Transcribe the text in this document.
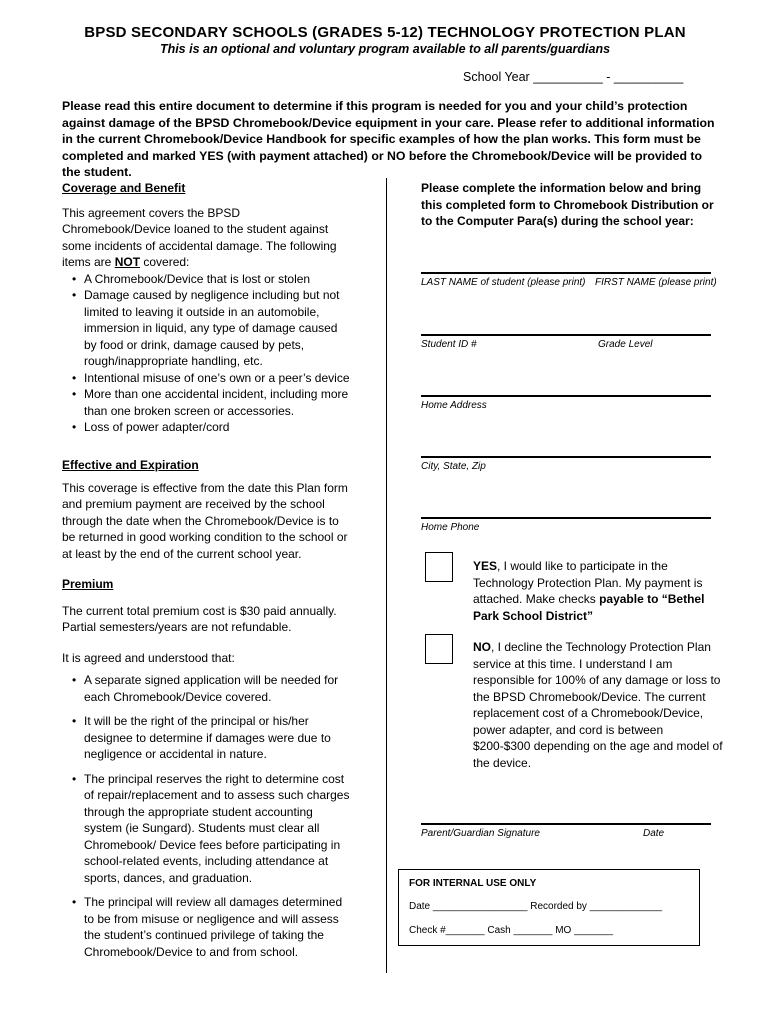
BPSD SECONDARY SCHOOLS (GRADES 5-12) TECHNOLOGY PROTECTION PLAN
This is an optional and voluntary program available to all parents/guardians
School Year __________ - __________
Please read this entire document to determine if this program is needed for you and your child’s protection against damage of the BPSD Chromebook/Device equipment in your care. Please refer to additional information in the current Chromebook/Device Handbook for specific examples of how the plan works. This form must be completed and marked YES (with payment attached) or NO before the Chromebook/Device will be provided to the student.
Coverage and Benefit
This agreement covers the BPSD Chromebook/Device loaned to the student against some incidents of accidental damage. The following items are NOT covered:
• A Chromebook/Device that is lost or stolen
• Damage caused by negligence including but not limited to leaving it outside in an automobile, immersion in liquid, any type of damage caused by food or drink, damage caused by pets, rough/inappropriate handling, etc.
• Intentional misuse of one’s own or a peer’s device
• More than one accidental incident, including more than one broken screen or accessories.
• Loss of power adapter/cord
Effective and Expiration
This coverage is effective from the date this Plan form and premium payment are received by the school through the date when the Chromebook/Device is to be returned in good working condition to the school or at least by the end of the current school year.
Premium
The current total premium cost is $30 paid annually. Partial semesters/years are not refundable.
It is agreed and understood that:
• A separate signed application will be needed for each Chromebook/Device covered.
• It will be the right of the principal or his/her designee to determine if damages were due to negligence or accidental in nature.
• The principal reserves the right to determine cost of repair/replacement and to assess such charges through the appropriate student accounting system (ie Sungard). Students must clear all Chromebook/ Device fees before participating in school-related events, including attendance at sports, dances, and graduation.
• The principal will review all damages determined to be from misuse or negligence and will assess the student’s continued privilege of taking the Chromebook/Device to and from school.
Please complete the information below and bring this completed form to Chromebook Distribution or to the Computer Para(s) during the school year:
LAST NAME of student (please print) FIRST NAME (please print)
Student ID #	Grade Level
Home Address
City, State, Zip
Home Phone
YES, I would like to participate in the Technology Protection Plan. My payment is attached. Make checks payable to “Bethel Park School District”
NO, I decline the Technology Protection Plan service at this time. I understand I am responsible for 100% of any damage or loss to the BPSD Chromebook/Device. The current replacement cost of a Chromebook/Device, power adapter, and cord is between $200-$300 depending on the age and model of the device.
Parent/Guardian Signature	Date
FOR INTERNAL USE ONLY
Date _________________ Recorded by _____________
Check #_______ Cash _______ MO _______
